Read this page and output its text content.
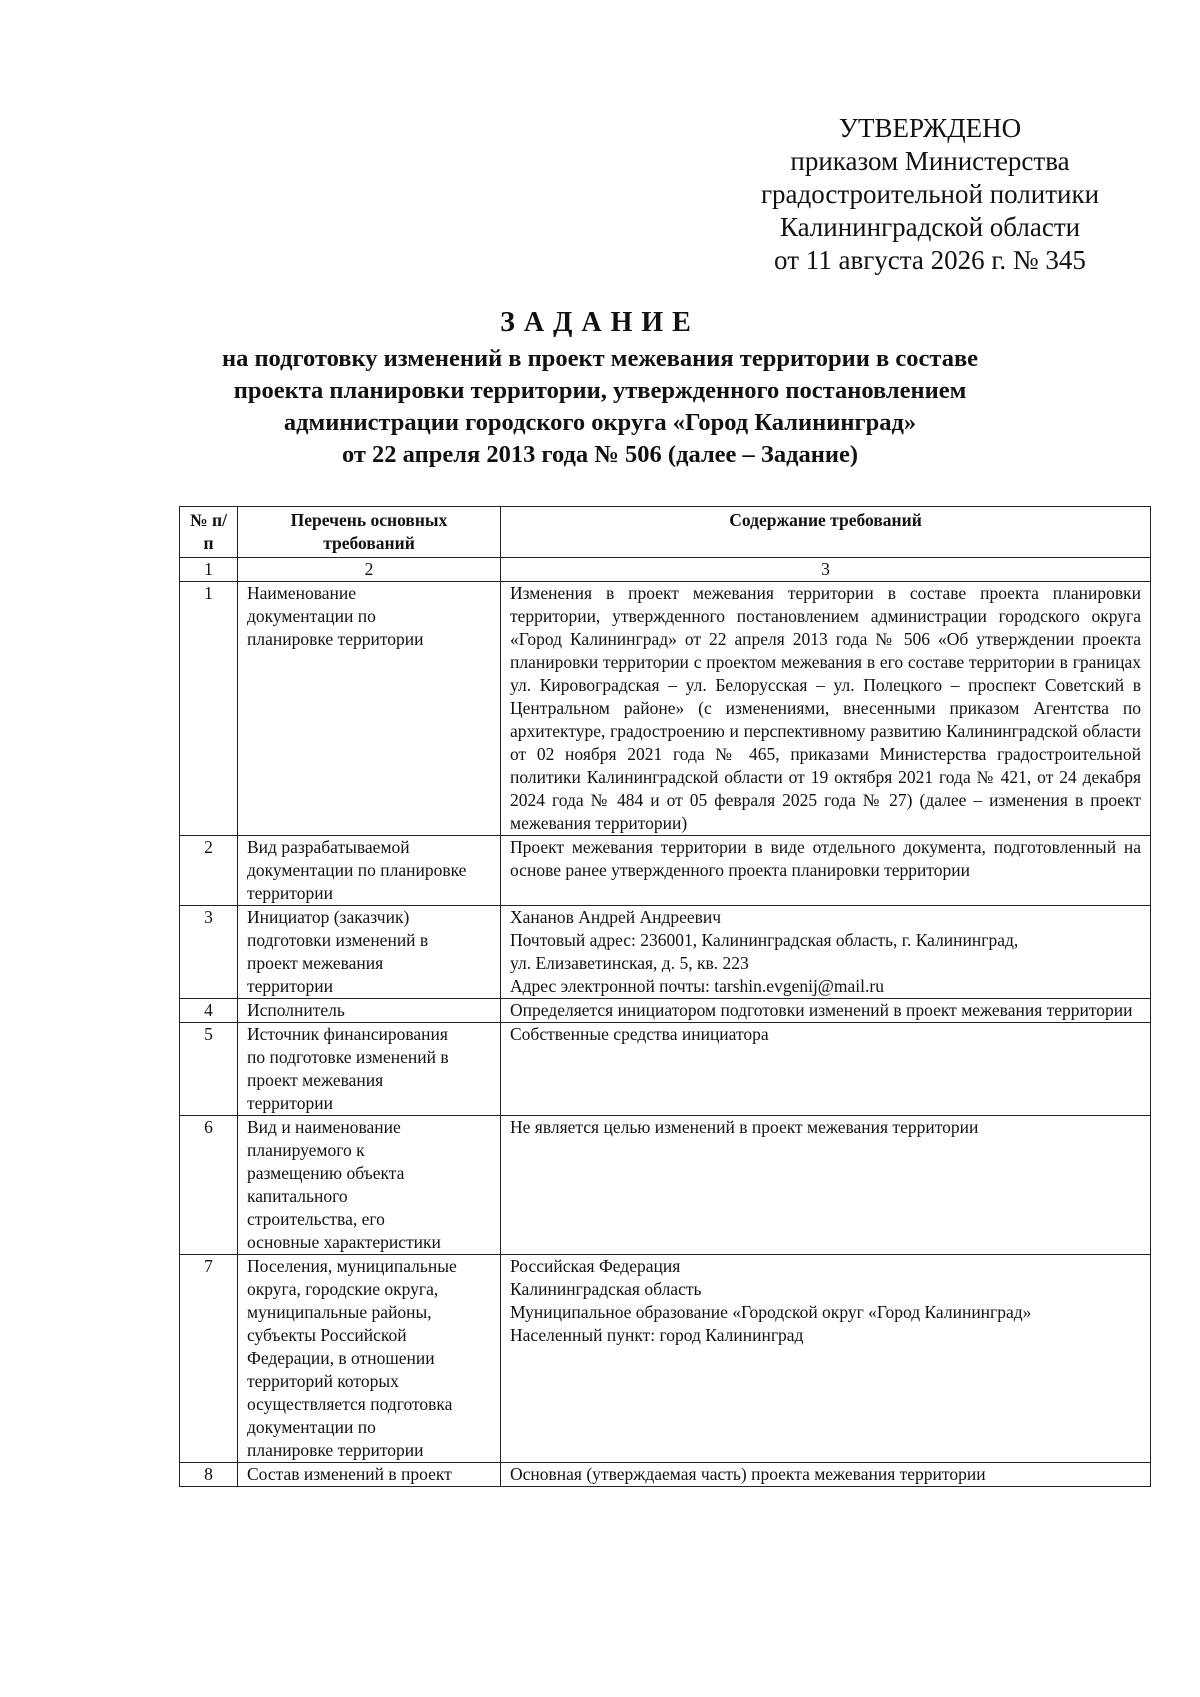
УТВЕРЖДЕНО
приказом Министерства
градостроительной политики
Калининградской области
от 11 августа 2026 г. № 345
ЗАДАНИЕ
на подготовку изменений в проект межевания территории в составе
проекта планировки территории, утвержденного постановлением
администрации городского округа «Город Калининград»
от 22 апреля 2013 года № 506 (далее – Задание)
№ п/п	Перечень основных требований	Содержание требований
1	2	3
1	Наименование документации по планировке территории	Изменения в проект межевания территории в составе проекта планировки территории, утвержденного постановлением администрации городского округа «Город Калининград» от 22 апреля 2013 года № 506 «Об утверждении проекта планировки территории с проектом межевания в его составе территории в границах ул. Кировоградская – ул. Белорусская – ул. Полецкого – проспект Советский в Центральном районе» (с изменениями, внесенными приказом Агентства по архитектуре, градостроению и перспективному развитию Калининградской области от 02 ноября 2021 года № 465, приказами Министерства градостроительной политики Калининградской области от 19 октября 2021 года № 421, от 24 декабря 2024 года № 484 и от 05 февраля 2025 года № 27) (далее – изменения в проект межевания территории)
2	Вид разрабатываемой документации по планировке территории	Проект межевания территории в виде отдельного документа, подготовленный на основе ранее утвержденного проекта планировки территории
3	Инициатор (заказчик) подготовки изменений в проект межевания территории	Хананов Андрей Андреевич
Почтовый адрес: 236001, Калининградская область, г. Калининград,
ул. Елизаветинская, д. 5, кв. 223
Адрес электронной почты: tarshin.evgenij@mail.ru

4	Исполнитель	Определяется инициатором подготовки изменений в проект межевания территории
5	Источник финансирования по подготовке изменений в проект межевания территории	Собственные средства инициатора
6	Вид и наименование планируемого к размещению объекта капитального строительства, его основные характеристики	Не является целью изменений в проект межевания территории
7	Поселения, муниципальные округа, городские округа, муниципальные районы, субъекты Российской Федерации, в отношении территорий которых осуществляется подготовка документации по планировке территории	Российская Федерация
Калининградская область
Муниципальное образование «Городской округ «Город Калининград»
Населенный пункт: город Калининград

8	Состав изменений в проект	Основная (утверждаемая часть) проекта межевания территории
